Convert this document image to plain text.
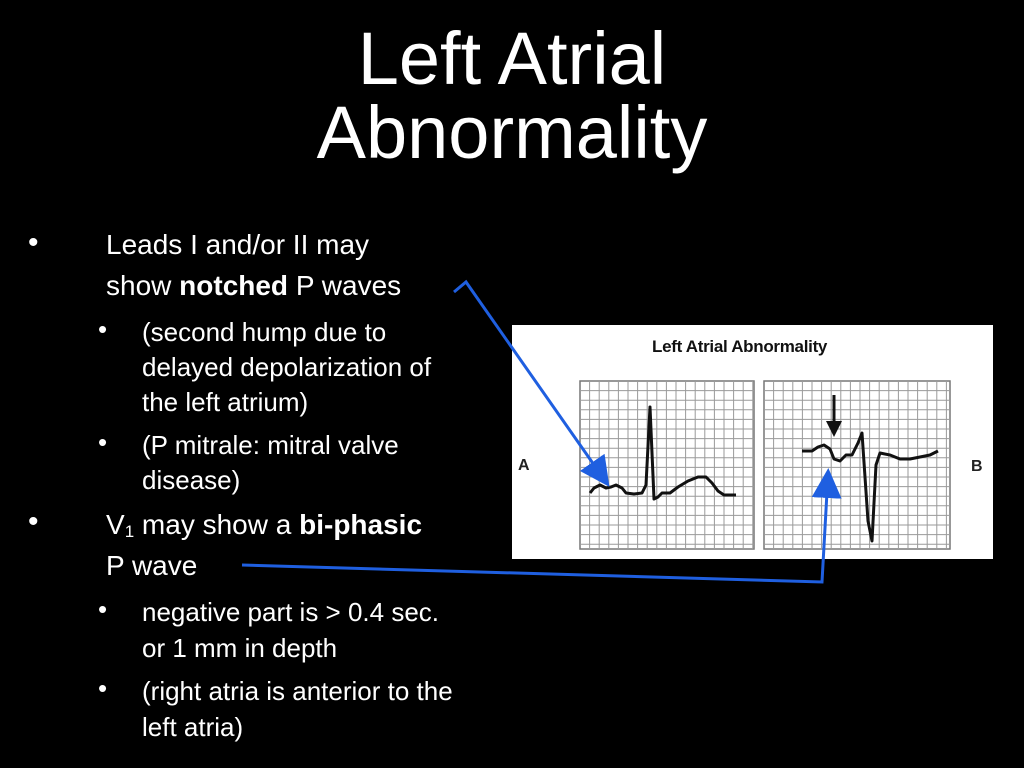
Left Atrial
Abnormality
• Leads I and/or II may
show notched P waves
• (second hump due to
delayed depolarization of
the left atrium)
• (P mitrale: mitral valve
disease)
• $V_1$ may show a bi-phasic
P wave
• negative part is > 0.4 sec.
or 1 mm in depth
• (right atria is anterior to the
left atria)
Left Atrial Abnormality
A	B
